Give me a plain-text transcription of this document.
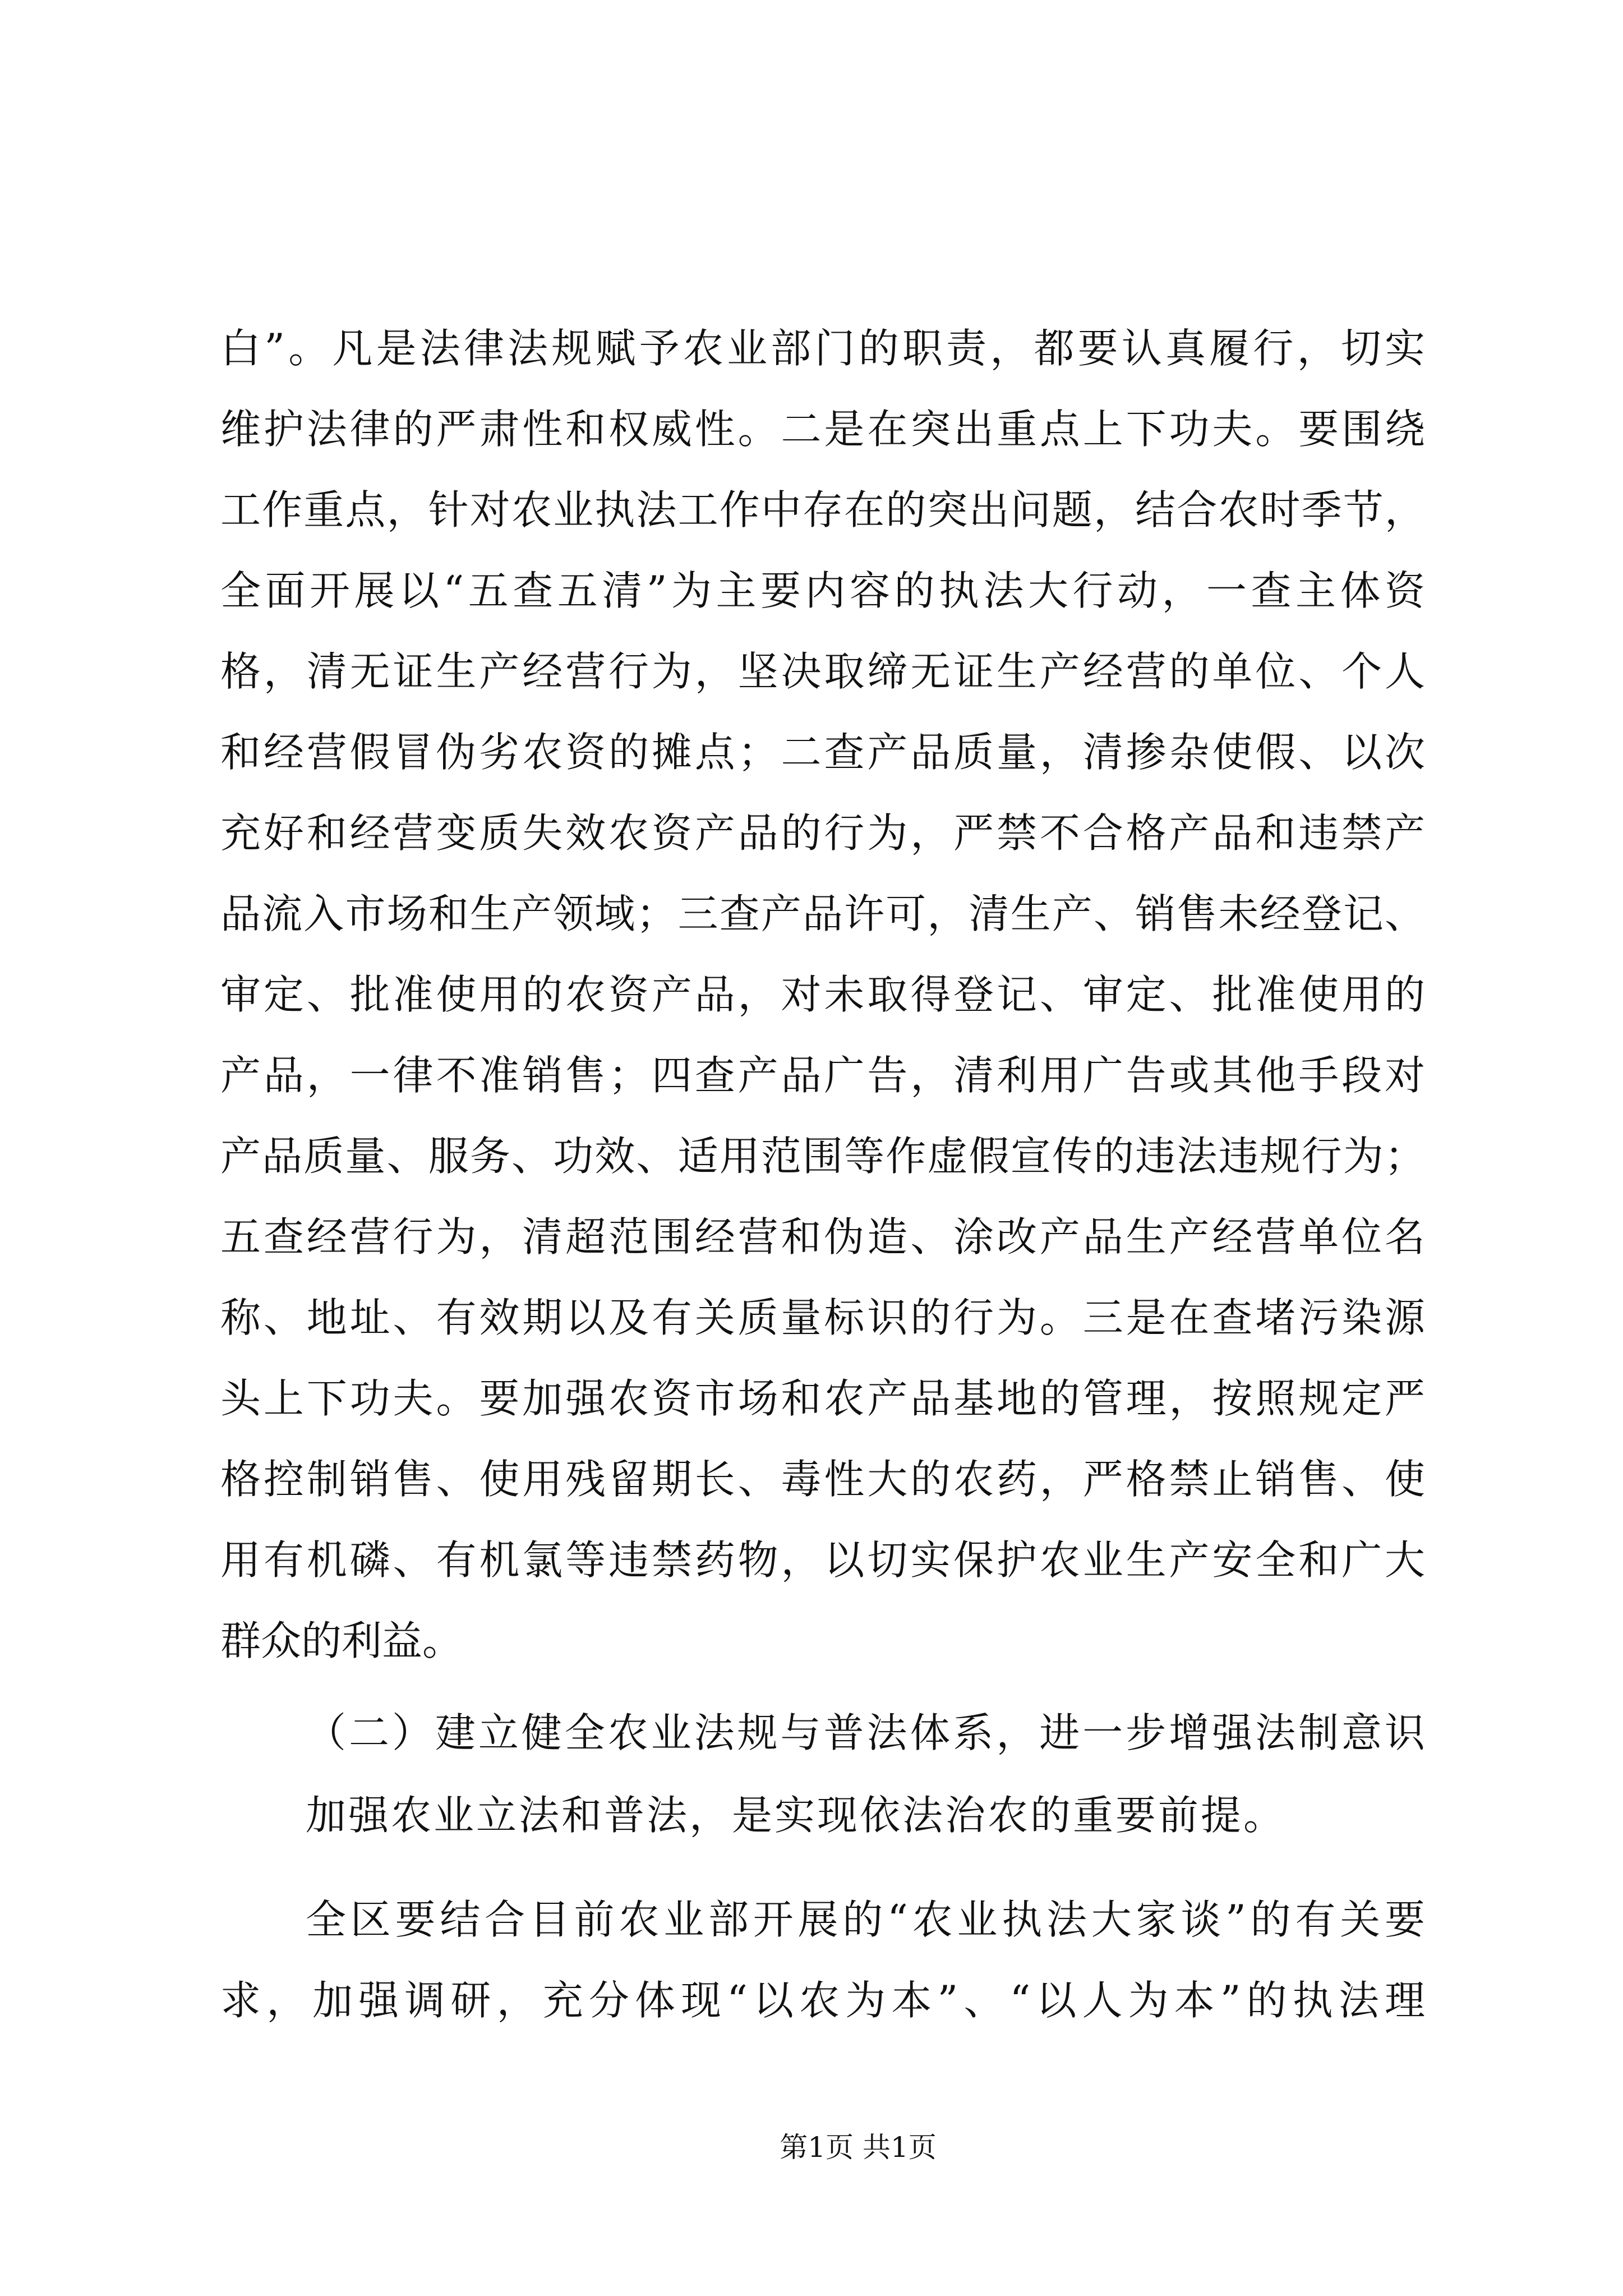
白”。凡是法律法规赋予农业部门的职责，都要认真履行，切实
维护法律的严肃性和权威性。二是在突出重点上下功夫。要围绕
工作重点，针对农业执法工作中存在的突出问题，结合农时季节，
全面开展以“五查五清”为主要内容的执法大行动，一查主体资
格，清无证生产经营行为，坚决取缔无证生产经营的单位、个人
和经营假冒伪劣农资的摊点；二查产品质量，清掺杂使假、以次
充好和经营变质失效农资产品的行为，严禁不合格产品和违禁产
品流入市场和生产领域；三查产品许可，清生产、销售未经登记、
审定、批准使用的农资产品，对未取得登记、审定、批准使用的
产品，一律不准销售；四查产品广告，清利用广告或其他手段对
产品质量、服务、功效、适用范围等作虚假宣传的违法违规行为；
五查经营行为，清超范围经营和伪造、涂改产品生产经营单位名
称、地址、有效期以及有关质量标识的行为。三是在查堵污染源
头上下功夫。要加强农资市场和农产品基地的管理，按照规定严
格控制销售、使用残留期长、毒性大的农药，严格禁止销售、使
用有机磷、有机氯等违禁药物，以切实保护农业生产安全和广大
群众的利益。
（二）建立健全农业法规与普法体系，进一步增强法制意识
加强农业立法和普法，是实现依法治农的重要前提。
全区要结合目前农业部开展的“农业执法大家谈”的有关要
求，加强调研，充分体现“以农为本”、“以人为本”的执法理
第1页 共1页
